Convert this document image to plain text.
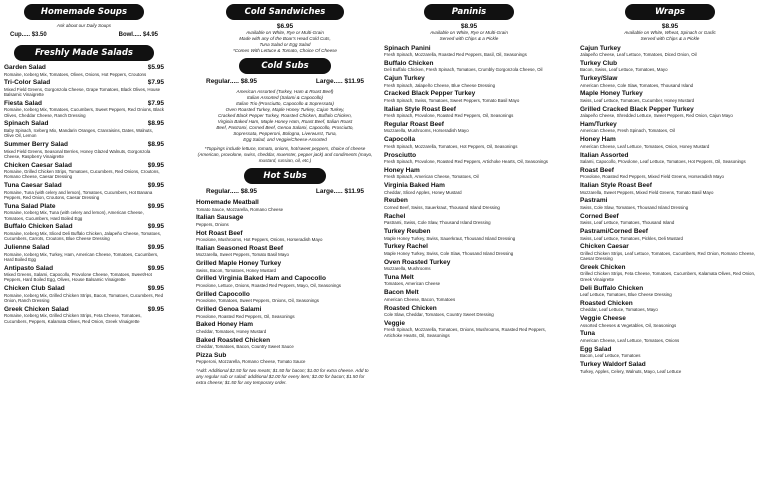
Homemade Soups
Ask about our Daily Soups
Cup..... $3.50	Bowl..... $4.95
Freshly Made Salads
Garden Salad	$5.95
Romaine, Iceberg Mix, Tomatoes, Olives, Onions, Hot Peppers, Croutons
Tri-Color Salad	$7.95
Mixed Field Greens, Gorgonzola Cheese, Grape Tomatoes, Black Olives, House Balsamic Vinaigrette
Fiesta Salad	$7.95
Romaine, Iceberg Mix, Tomatoes, Cucumbers, Sweet Peppers, Red Onions, Black Olives, Cheddar Cheese, Ranch Dressing
Spinach Salad	$8.95
Baby Spinach, Iceberg Mix, Mandarin Oranges, Cranraisins, Dates, Walnuts, Olive Oil, Lemon
Summer Berry Salad	$8.95
Mixed Field Greens, Seasonal Berries, Honey Glazed Walnuts, Gorgonzola Cheese, Raspberry Vinaigrette
Chicken Caesar Salad	$9.95
Romaine, Grilled Chicken Strips, Tomatoes, Cucumbers, Red Onions, Croutons, Romano Cheese, Caesar Dressing
Tuna Caesar Salad	$9.95
Romaine, Tuna (with celery and lemon), Tomatoes, Cucumbers, Hot Banana Peppers, Red Onion, Croutons, Caesar Dressing
Tuna Salad Plate	$9.95
Romaine, Iceberg Mix, Tuna (with celery and lemon), American Cheese, Tomatoes, Cucumbers, Hard Boiled Egg
Buffalo Chicken Salad	$9.95
Romaine, Iceberg Mix, Sliced Deli Buffalo Chicken, Jalapeño Cheese, Tomatoes, Cucumbers, Carrots, Croutons, Blue Cheese Dressing
Julienne Salad	$9.95
Romaine, Iceberg Mix, Turkey, Ham, American Cheese, Tomatoes, Cucumbers, Hard Boiled Egg
Antipasto Salad	$9.95
Mixed Greens, Salami, Capocollo, Provolone Cheese, Tomatoes, Sweet/Hot Peppers, Hard Boiled Egg, Olives, House Balsamic Vinaigrette
Chicken Club Salad	$9.95
Romaine, Iceberg Mix, Grilled Chicken Strips, Bacon, Tomatoes, Cucumbers, Red Onion, Ranch Dressing
Greek Chicken Salad	$9.95
Romaine, Iceberg Mix, Grilled Chicken Strips, Feta Cheese, Tomatoes, Cucumbers, Peppers, Kalamata Olives, Red Onion, Greek Vinaigrette
Cold Sandwiches
$6.95
Available on White, Rye or Multi-Grain
Made with any of the Boar's Head Cold Cuts,
Tuna Salad or Egg Salad
*Comes With Lettuce & Tomato, Choice Of Cheese
Cold Subs
Regular..... $8.95	Large..... $11.95
American Assorted (Turkey, Ham & Roast Beef)
Italian Assorted (Salami & Capocollo)
Italian Trio (Prosciutto, Capocollo & Sopressata)
Oven Roasted Turkey, Maple Honey Turkey, Cajun Turkey,
Cracked Black Pepper Turkey, Roasted Chicken, Buffalo Chicken,
Virginia Baked Ham, Maple Honey Ham, Roast Beef, Italian Roast
Beef, Pastrami, Corned Beef, Genoa Salami, Capocollo, Prosciutto,
Sopressata, Pepperoni, Bologna, Liverwurst, Tuna,
Egg Salad, and Veggie/Cheese-Assorted
*Toppings include lettuce, tomato, onions, hot/sweet peppers, choice of cheese (American, provolone, swiss, cheddar, muenster, pepper jack) and condiments (mayo, mustard, russian, oil, etc.)
Hot Subs
Regular..... $8.95	Large..... $11.95
Homemade Meatball
Tomato Sauce, Mozzarella, Romano Cheese
Italian Sausage
Peppers, Onions
Hot Roast Beef
Provolone, Mushrooms, Hot Peppers, Onions, Horseradish Mayo
Italian Seasoned Roast Beef
Mozzarella, Sweet Peppers, Tomato Basil Mayo
Grilled Maple Honey Turkey
Swiss, Bacon, Tomatoes, Honey Mustard
Grilled Virginia Baked Ham and Capocollo
Provolone, Lettuce, Onions, Roasted Red Peppers, Mayo, Oil, Seasonings
Grilled Capocollo
Provolone, Tomatoes, Sweet Peppers, Onions, Oil, Seasonings
Grilled Genoa Salami
Provolone, Roasted Red Peppers, Oil, Seasonings
Baked Honey Ham
Cheddar, Tomatoes, Honey Mustard
Baked Roasted Chicken
Cheddar, Tomatoes, Bacon, Country Sweet Sauce
Pizza Sub
Pepperoni, Mozzarella, Romano Cheese, Tomato Sauce
*Add: Additional $2.50 for two meats; $1.50 for bacon; $1.00 for extra cheese. Add to any regular sub or salad: additional $2.00 for every item; $2.00 for bacon; $1.50 for extra cheese; $1.50 for any temporary order.
Paninis
$8.95
Available on White, Rye or Multi-Grain
Served with Chips & a Pickle
Spinach Panini
Fresh Spinach, Mozzarella, Roasted Red Peppers, Basil, Oil, Seasonings
Buffalo Chicken
Deli Buffalo Chicken, Fresh Spinach, Tomatoes, Crumbly Gorgonzola Cheese, Oil
Cajun Turkey
Fresh Spinach, Jalapeño Cheese, Blue Cheese Dressing
Cracked Black Pepper Turkey
Fresh Spinach, Swiss, Tomatoes, Sweet Peppers, Tomato Basil Mayo
Italian Style Roast Beef
Fresh Spinach, Provolone, Roasted Red Peppers, Oil, Seasonings
Regular Roast Beef
Mozzarella, Mushrooms, Horseradish Mayo
Capocolla
Fresh Spinach, Mozzarella, Tomatoes, Hot Peppers, Oil, Seasonings
Prosciutto
Fresh Spinach, Provolone, Roasted Red Peppers, Artichoke Hearts, Oil, Seasonings
Honey Ham
Fresh Spinach, American Cheese, Tomatoes, Oil
Virginia Baked Ham
Cheddar, Sliced Apples, Honey Mustard
Reuben
Corned Beef, Swiss, Sauerkraut, Thousand Island Dressing
Rachel
Pastrami, Swiss, Cole Slaw, Thousand Island Dressing
Turkey Reuben
Maple Honey Turkey, Swiss, Sauerkraut, Thousand Island Dressing
Turkey Rachel
Maple Honey Turkey, Swiss, Cole Slaw, Thousand Island Dressing
Oven Roasted Turkey
Mozzarella, Mushrooms
Tuna Melt
Tomatoes, American Cheese
Bacon Melt
American Cheese, Bacon, Tomatoes
Roasted Chicken
Cole Slaw, Cheddar, Tomatoes, Country Sweet Dressing
Veggie
Fresh Spinach, Mozzarella, Tomatoes, Onions, Mushrooms, Roasted Red Peppers, Artichoke Hearts, Oil, Seasonings
Wraps
$8.95
Available on White, Wheat, Spinach or Garlic
Served with Chips & a Pickle
Cajun Turkey
Jalapeño Cheese, Leaf Lettuce, Tomatoes, Diced Onion, Oil
Turkey Club
Bacon, Swiss, Leaf Lettuce, Tomatoes, Mayo
Turkey/Slaw
American Cheese, Cole Slaw, Tomatoes, Thousand Island
Maple Honey Turkey
Swiss, Leaf Lettuce, Tomatoes, Cucumber, Honey Mustard
Grilled Cracked Black Pepper Turkey
Jalapeño Cheese, Shredded Lettuce, Sweet Peppers, Red Onion, Cajun Mayo
Ham/Turkey
American Cheese, Fresh Spinach, Tomatoes, Oil
Honey Ham
American Cheese, Leaf Lettuce, Tomatoes, Onion, Honey Mustard
Italian Assorted
Salami, Capocollo, Provolone, Leaf Lettuce, Tomatoes, Hot Peppers, Oil, Seasonings
Roast Beef
Provolone, Roasted Red Peppers, Mixed Field Greens, Horseradish Mayo
Italian Style Roast Beef
Mozzarella, Sweet Peppers, Mixed Field Greens, Tomato Basil Mayo
Pastrami
Swiss, Cole Slaw, Tomatoes, Thousand Island Dressing
Corned Beef
Swiss, Leaf Lettuce, Tomatoes, Thousand Island
Pastrami/Corned Beef
Swiss, Leaf Lettuce, Tomatoes, Pickles, Deli Mustard
Chicken Caesar
Grilled Chicken Strips, Leaf Lettuce, Tomatoes, Cucumbers, Red Onion, Romano Cheese, Caesar Dressing
Greek Chicken
Grilled Chicken Strips, Feta Cheese, Tomatoes, Cucumbers, Kalamata Olives, Red Onion, Greek Vinaigrette
Deli Buffalo Chicken
Leaf Lettuce, Tomatoes, Blue Cheese Dressing
Roasted Chicken
Cheddar, Leaf Lettuce, Tomatoes, Mayo
Veggie Cheese
Assorted Cheeses & Vegetables, Oil, Seasonings
Tuna
American Cheese, Leaf Lettuce, Tomatoes, Onions
Egg Salad
Bacon, Leaf Lettuce, Tomatoes
Turkey Waldorf Salad
Turkey, Apples, Celery, Walnuts, Mayo, Leaf Lettuce
